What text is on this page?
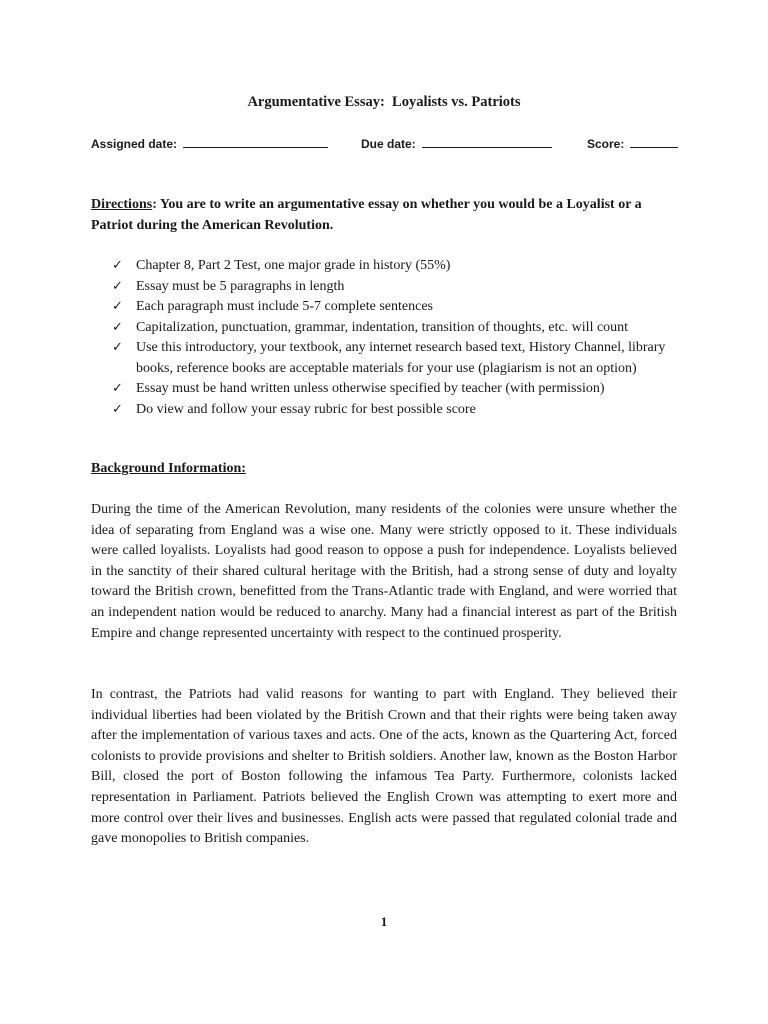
Argumentative Essay:  Loyalists vs. Patriots
Assigned date:	Due date:	Score:
Directions: You are to write an argumentative essay on whether you would be a Loyalist or a Patriot during the American Revolution.
✓ Chapter 8, Part 2 Test, one major grade in history (55%)
✓ Essay must be 5 paragraphs in length
✓ Each paragraph must include 5-7 complete sentences
✓ Capitalization, punctuation, grammar, indentation, transition of thoughts, etc. will count
✓ Use this introductory, your textbook, any internet research based text, History Channel, library books, reference books are acceptable materials for your use (plagiarism is not an option)
✓ Essay must be hand written unless otherwise specified by teacher (with permission)
✓ Do view and follow your essay rubric for best possible score
Background Information:

During the time of the American Revolution, many residents of the colonies were unsure whether the idea of separating from England was a wise one. Many were strictly opposed to it. These individuals were called loyalists. Loyalists had good reason to oppose a push for independence. Loyalists believed in the sanctity of their shared cultural heritage with the British, had a strong sense of duty and loyalty toward the British crown, benefitted from the Trans-Atlantic trade with England, and were worried that an independent nation would be reduced to anarchy. Many had a financial interest as part of the British Empire and change represented uncertainty with respect to the continued prosperity.

In contrast, the Patriots had valid reasons for wanting to part with England. They believed their individual liberties had been violated by the British Crown and that their rights were being taken away after the implementation of various taxes and acts. One of the acts, known as the Quartering Act, forced colonists to provide provisions and shelter to British soldiers. Another law, known as the Boston Harbor Bill, closed the port of Boston following the infamous Tea Party. Furthermore, colonists lacked representation in Parliament. Patriots believed the English Crown was attempting to exert more and more control over their lives and businesses. English acts were passed that regulated colonial trade and gave monopolies to British companies.

1
